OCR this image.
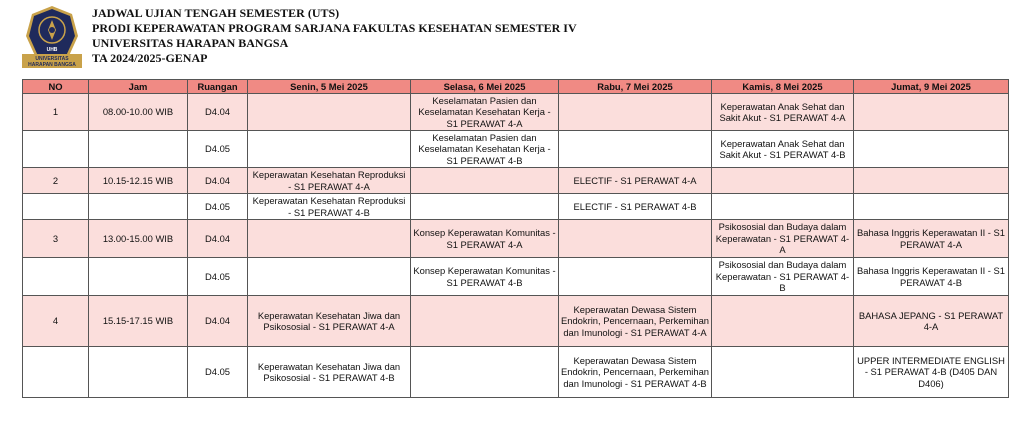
UHB
UNIVERSITAS
HARAPAN BANGSA
JADWAL UJIAN TENGAH SEMESTER (UTS)
PRODI KEPERAWATAN PROGRAM SARJANA FAKULTAS KESEHATAN SEMESTER IV
UNIVERSITAS HARAPAN BANGSA
TA 2024/2025-GENAP
NO	Jam	Ruangan	Senin, 5 Mei 2025	Selasa, 6 Mei 2025	Rabu, 7 Mei 2025	Kamis, 8 Mei 2025	Jumat, 9 Mei 2025
1	08.00-10.00 WIB	D4.04		Keselamatan Pasien dan Keselamatan Kesehatan Kerja - S1 PERAWAT 4-A		Keperawatan Anak Sehat dan Sakit Akut - S1 PERAWAT 4-A	
		D4.05		Keselamatan Pasien dan Keselamatan Kesehatan Kerja - S1 PERAWAT 4-B		Keperawatan Anak Sehat dan Sakit Akut - S1 PERAWAT 4-B	
2	10.15-12.15 WIB	D4.04	Keperawatan Kesehatan Reproduksi - S1 PERAWAT 4-A		ELECTIF - S1 PERAWAT 4-A		
		D4.05	Keperawatan Kesehatan Reproduksi - S1 PERAWAT 4-B		ELECTIF - S1 PERAWAT 4-B		
3	13.00-15.00 WIB	D4.04		Konsep Keperawatan Komunitas - S1 PERAWAT 4-A		Psikososial dan Budaya dalam Keperawatan - S1 PERAWAT 4-A	Bahasa Inggris Keperawatan II - S1 PERAWAT 4-A
		D4.05		Konsep Keperawatan Komunitas - S1 PERAWAT 4-B		Psikososial dan Budaya dalam Keperawatan - S1 PERAWAT 4-B	Bahasa Inggris Keperawatan II - S1 PERAWAT 4-B
4	15.15-17.15 WIB	D4.04	Keperawatan Kesehatan Jiwa dan Psikososial - S1 PERAWAT 4-A		Keperawatan Dewasa Sistem Endokrin, Pencernaan, Perkemihan dan Imunologi - S1 PERAWAT 4-A		BAHASA JEPANG - S1 PERAWAT 4-A
		D4.05	Keperawatan Kesehatan Jiwa dan Psikososial - S1 PERAWAT 4-B		Keperawatan Dewasa Sistem Endokrin, Pencernaan, Perkemihan dan Imunologi - S1 PERAWAT 4-B		UPPER INTERMEDIATE ENGLISH - S1 PERAWAT 4-B (D405 DAN D406)
